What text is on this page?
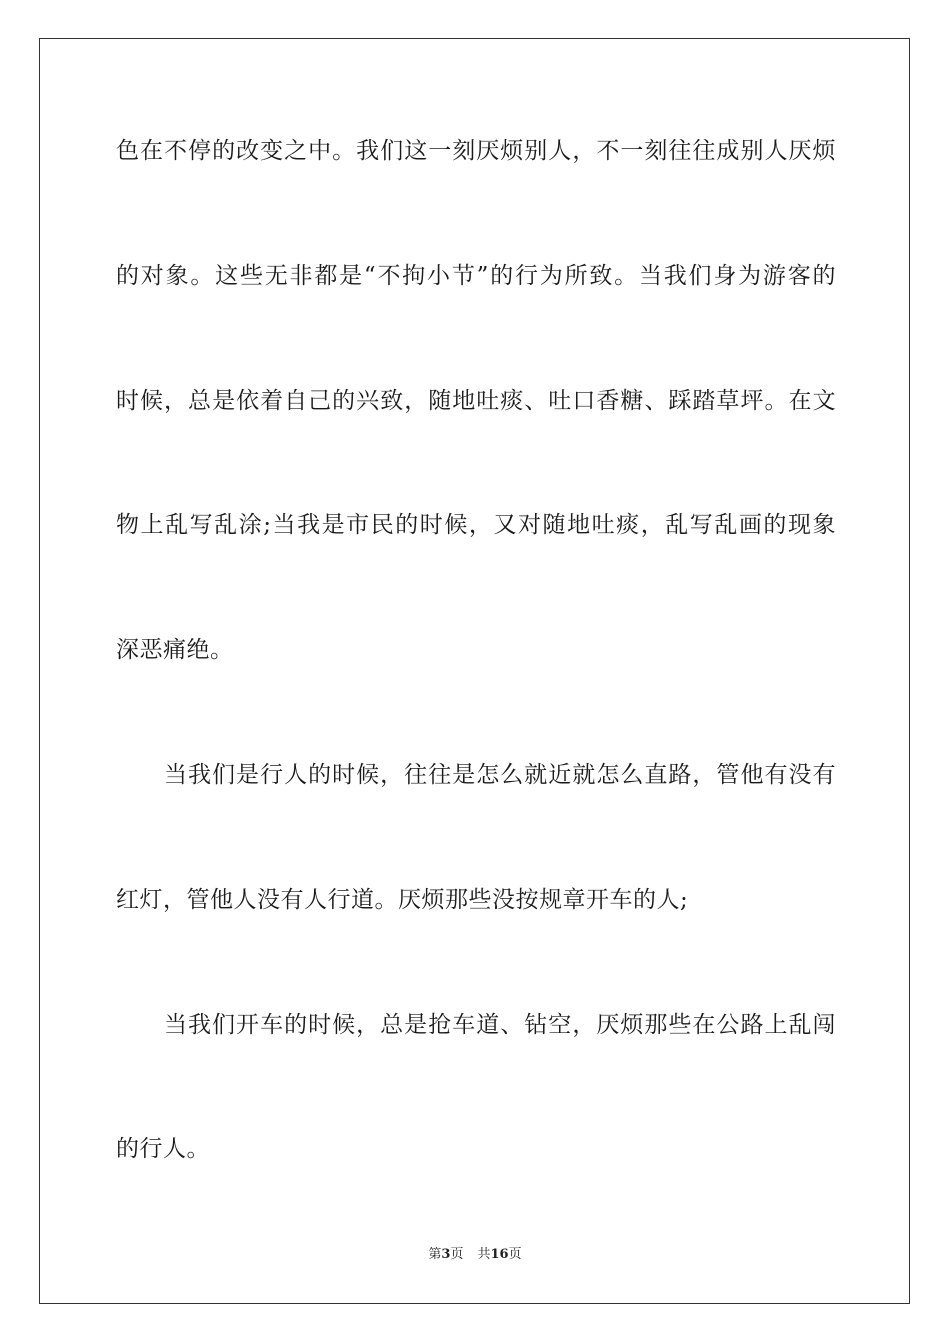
色在不停的改变之中。我们这一刻厌烦别人，不一刻往往成别人厌烦
的对象。这些无非都是“不拘小节”的行为所致。当我们身为游客的
时候，总是依着自己的兴致，随地吐痰、吐口香糖、踩踏草坪。在文
物上乱写乱涂;当我是市民的时候，又对随地吐痰，乱写乱画的现象
深恶痛绝。
当我们是行人的时候，往往是怎么就近就怎么直路，管他有没有
红灯，管他人没有人行道。厌烦那些没按规章开车的人;
当我们开车的时候，总是抢车道、钻空，厌烦那些在公路上乱闯
的行人。
第3页 共16页
